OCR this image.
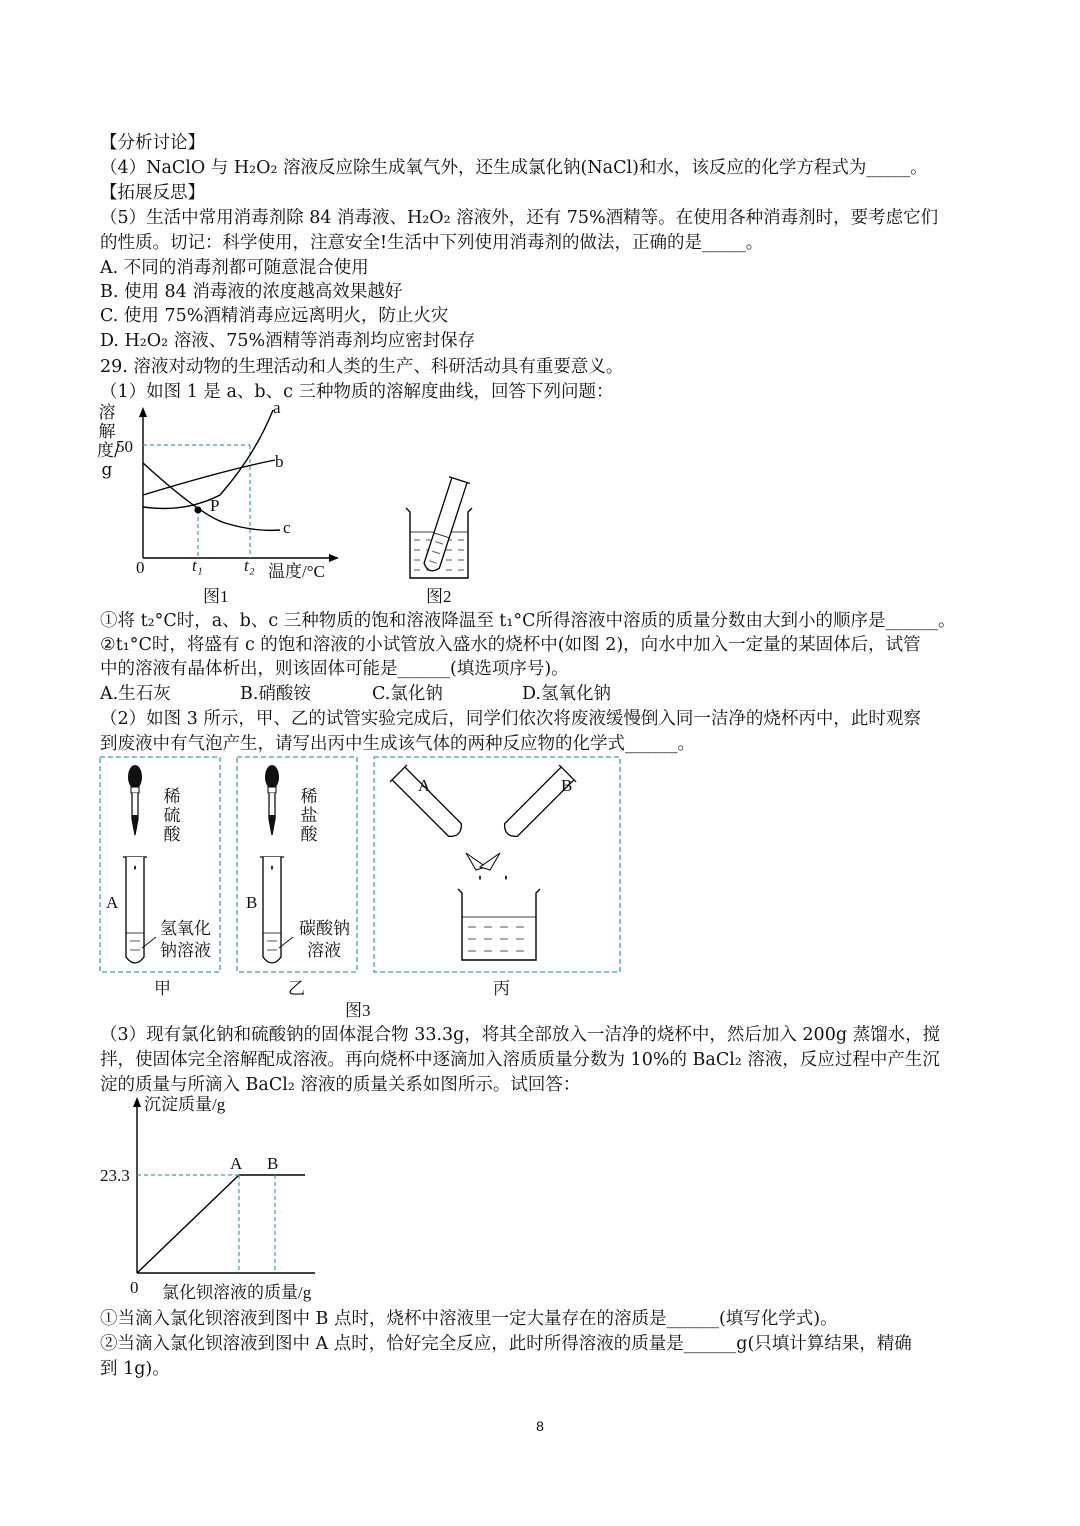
【分析讨论】
（4）NaClO 与 H₂O₂ 溶液反应除生成氧气外，还生成氯化钠(NaCl)和水，该反应的化学方程式为_____。
【拓展反思】
（5）生活中常用消毒剂除 84 消毒液、H₂O₂ 溶液外，还有 75%酒精等。在使用各种消毒剂时，要考虑它们
的性质。切记：科学使用，注意安全!生活中下列使用消毒剂的做法，正确的是_____。
A. 不同的消毒剂都可随意混合使用
B. 使用 84 消毒液的浓度越高效果越好
C. 使用 75%酒精消毒应远离明火，防止火灾
D. H₂O₂ 溶液、75%酒精等消毒剂均应密封保存
29. 溶液对动物的生理活动和人类的生产、科研活动具有重要意义。
（1）如图 1 是 a、b、c 三种物质的溶解度曲线，回答下列问题：
溶解度/g
50
0	t₁ t₂ 温度/°C
a
b
c
P
图1	图2
①将 t₂°C时，a、b、c 三种物质的饱和溶液降温至 t₁°C所得溶液中溶质的质量分数由大到小的顺序是______。
②t₁°C时，将盛有 c 的饱和溶液的小试管放入盛水的烧杯中(如图 2)，向水中加入一定量的某固体后，试管
中的溶液有晶体析出，则该固体可能是______(填选项序号)。
A.生石灰	B.硝酸铵	C.氯化钠	D.氢氧化钠
（2）如图 3 所示，甲、乙的试管实验完成后，同学们依次将废液缓慢倒入同一洁净的烧杯丙中，此时观察
到废液中有气泡产生，请写出丙中生成该气体的两种反应物的化学式______。
稀硫酸
A
氢氧化
钠溶液
稀盐酸
B
碳酸钠
溶液
A	B
甲	乙	丙
图3
（3）现有氯化钠和硫酸钠的固体混合物 33.3g，将其全部放入一洁净的烧杯中，然后加入 200g 蒸馏水，搅
拌，使固体完全溶解配成溶液。再向烧杯中逐滴加入溶质质量分数为 10%的 BaCl₂ 溶液，反应过程中产生沉
淀的质量与所滴入 BaCl₂ 溶液的质量关系如图所示。试回答：
沉淀质量/g
23.3
A B
0 氯化钡溶液的质量/g
①当滴入氯化钡溶液到图中 B 点时，烧杯中溶液里一定大量存在的溶质是______(填写化学式)。
②当滴入氯化钡溶液到图中 A 点时，恰好完全反应，此时所得溶液的质量是______g(只填计算结果，精确
到 1g)。
8
